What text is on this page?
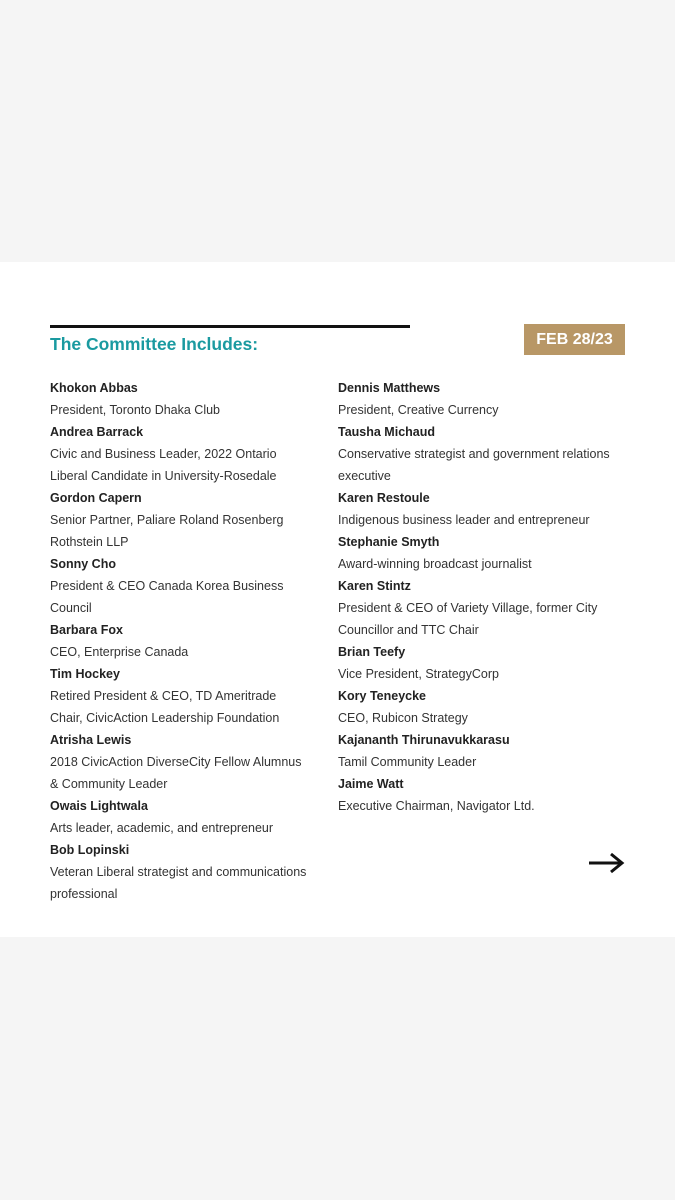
The Committee Includes:	FEB 28/23
Khokon Abbas
President, Toronto Dhaka Club
Andrea Barrack
Civic and Business Leader, 2022 Ontario Liberal Candidate in University-Rosedale
Gordon Capern
Senior Partner, Paliare Roland Rosenberg Rothstein LLP
Sonny Cho
President & CEO Canada Korea Business Council
Barbara Fox
CEO, Enterprise Canada
Tim Hockey
Retired President & CEO, TD Ameritrade Chair, CivicAction Leadership Foundation
Atrisha Lewis
2018 CivicAction DiverseCity Fellow Alumnus & Community Leader
Owais Lightwala
Arts leader, academic, and entrepreneur
Bob Lopinski
Veteran Liberal strategist and communications professional
Dennis Matthews
President, Creative Currency
Tausha Michaud
Conservative strategist and government relations executive
Karen Restoule
Indigenous business leader and entrepreneur
Stephanie Smyth
Award-winning broadcast journalist
Karen Stintz
President & CEO of Variety Village, former City Councillor and TTC Chair
Brian Teefy
Vice President, StrategyCorp
Kory Teneycke
CEO, Rubicon Strategy
Kajananth Thirunavukkarasu
Tamil Community Leader
Jaime Watt
Executive Chairman, Navigator Ltd.
